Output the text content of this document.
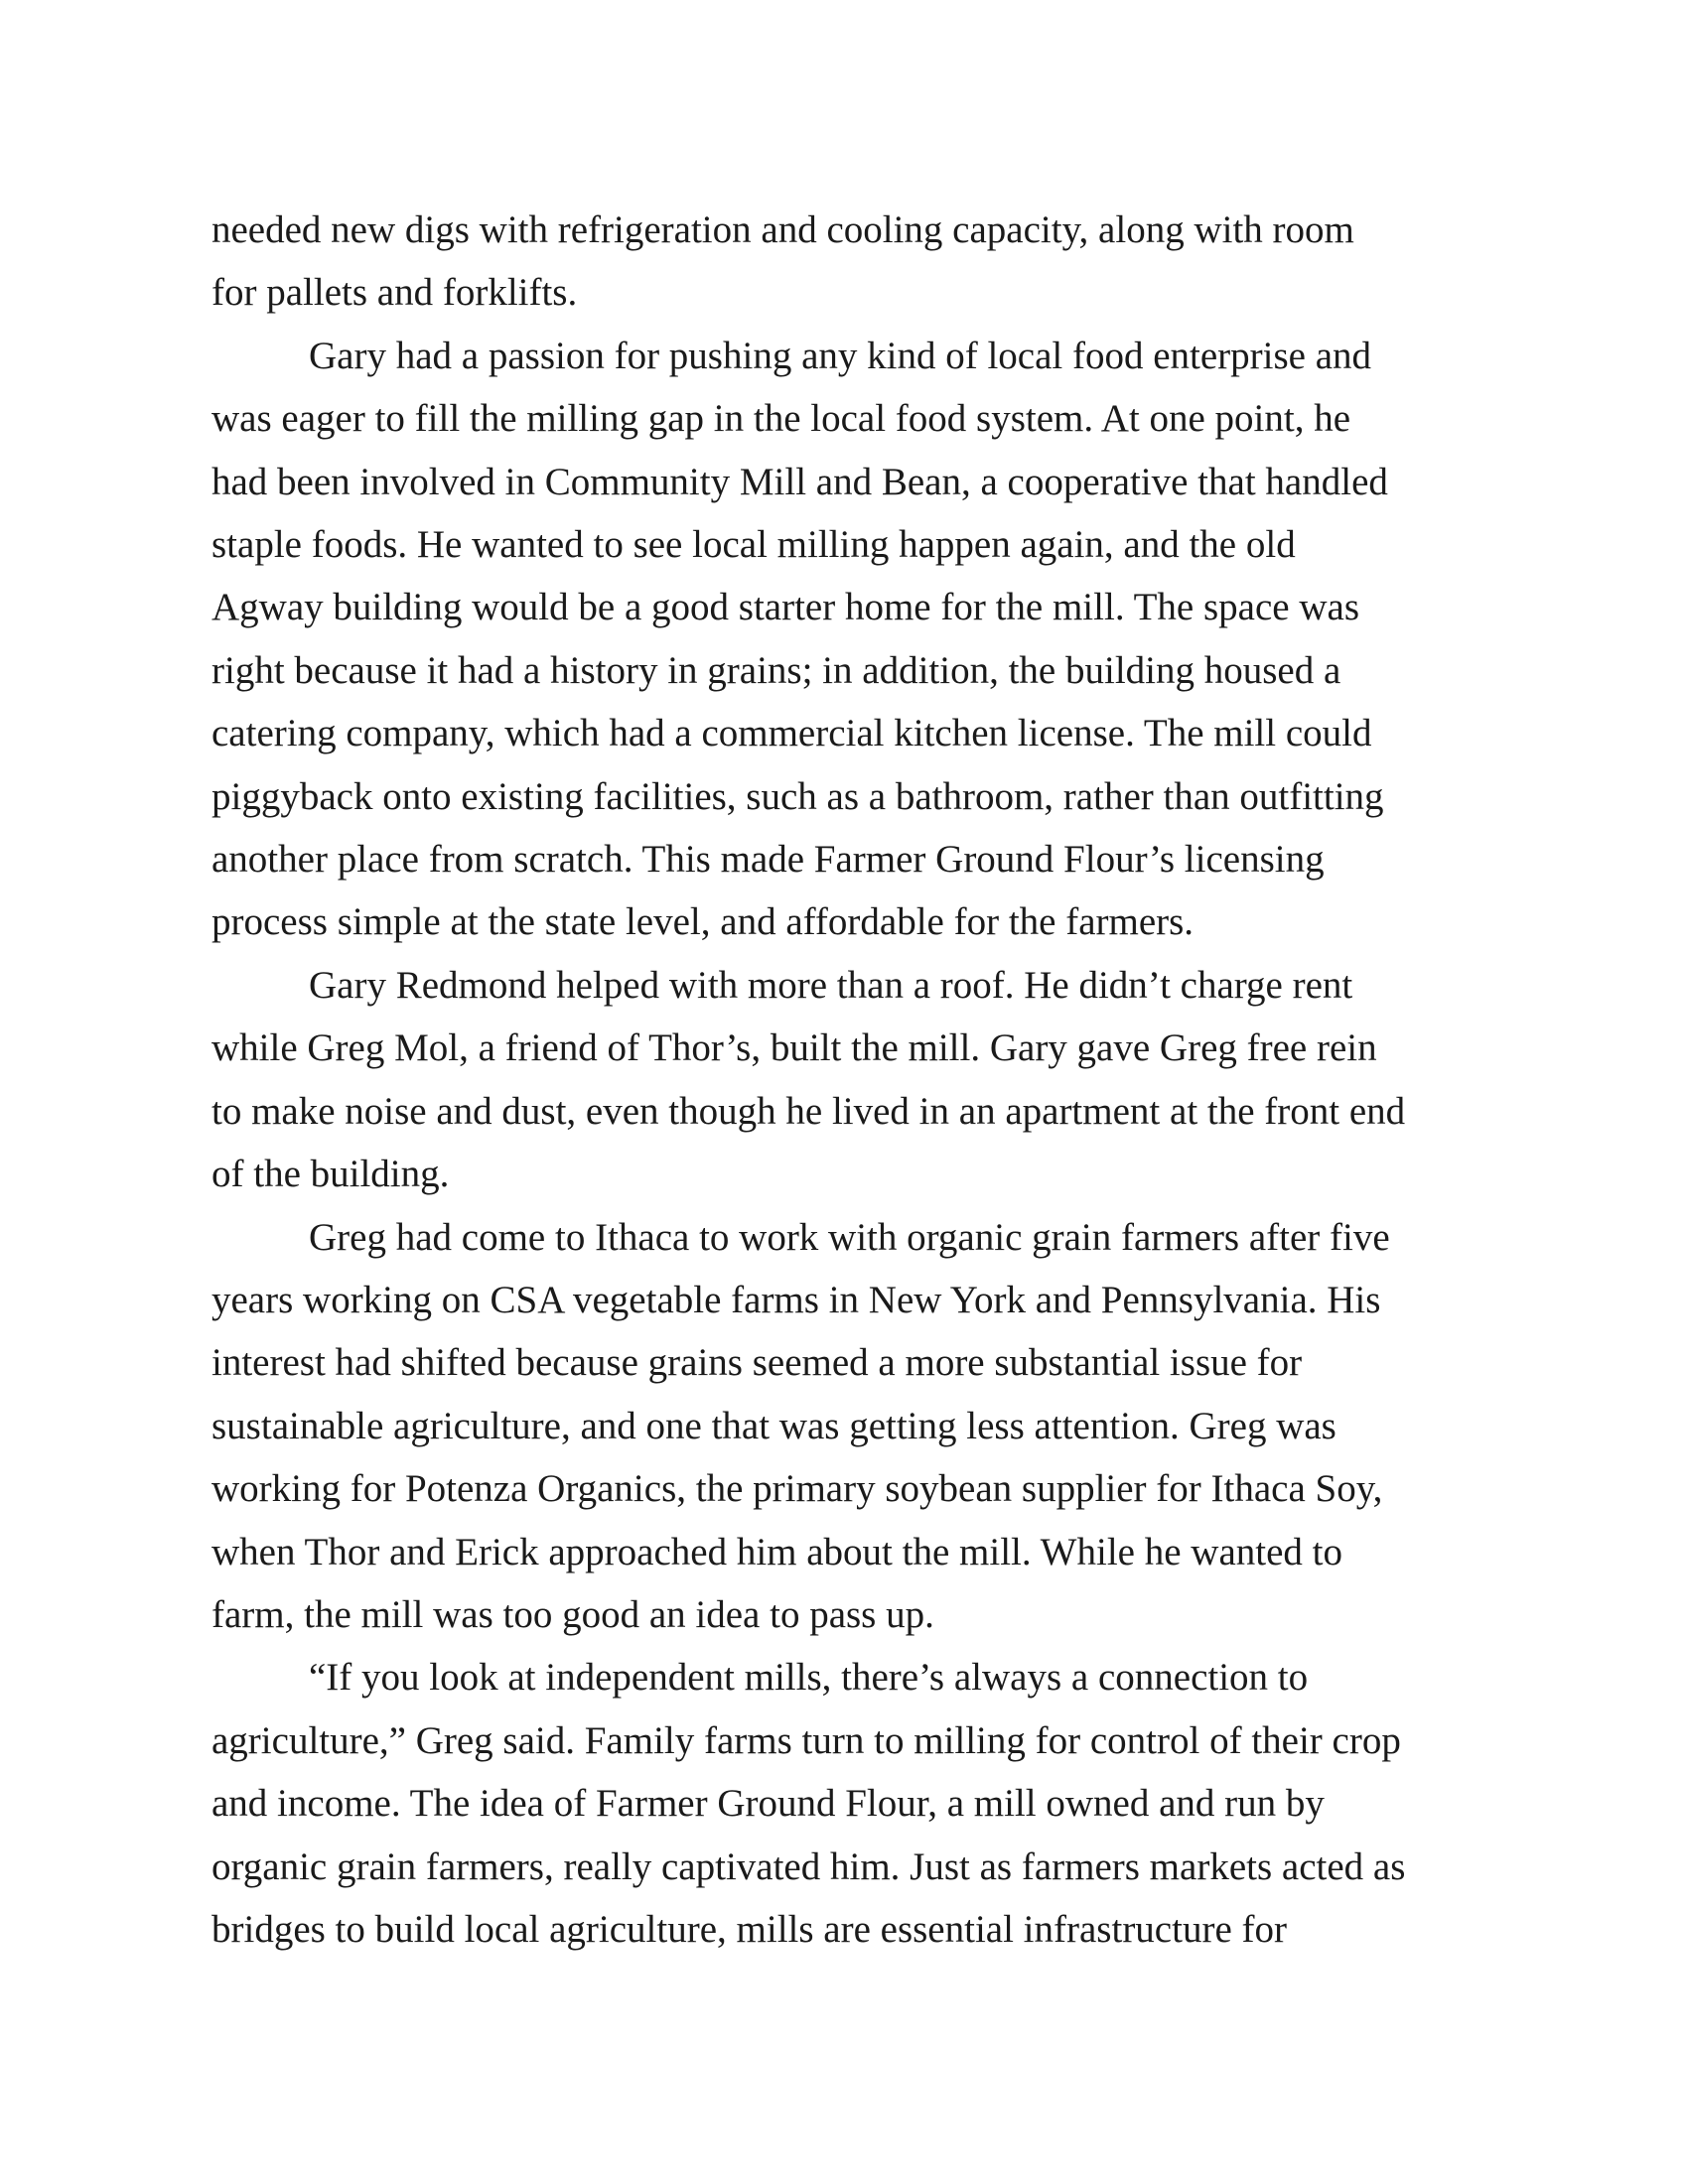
needed new digs with refrigeration and cooling capacity, along with room
for pallets and forklifts.

Gary had a passion for pushing any kind of local food enterprise and
was eager to fill the milling gap in the local food system. At one point, he
had been involved in Community Mill and Bean, a cooperative that handled
staple foods. He wanted to see local milling happen again, and the old
Agway building would be a good starter home for the mill. The space was
right because it had a history in grains; in addition, the building housed a
catering company, which had a commercial kitchen license. The mill could
piggyback onto existing facilities, such as a bathroom, rather than outfitting
another place from scratch. This made Farmer Ground Flour’s licensing
process simple at the state level, and affordable for the farmers.

Gary Redmond helped with more than a roof. He didn’t charge rent
while Greg Mol, a friend of Thor’s, built the mill. Gary gave Greg free rein
to make noise and dust, even though he lived in an apartment at the front end
of the building.

Greg had come to Ithaca to work with organic grain farmers after five
years working on CSA vegetable farms in New York and Pennsylvania. His
interest had shifted because grains seemed a more substantial issue for
sustainable agriculture, and one that was getting less attention. Greg was
working for Potenza Organics, the primary soybean supplier for Ithaca Soy,
when Thor and Erick approached him about the mill. While he wanted to
farm, the mill was too good an idea to pass up.

“If you look at independent mills, there’s always a connection to
agriculture,” Greg said. Family farms turn to milling for control of their crop
and income. The idea of Farmer Ground Flour, a mill owned and run by
organic grain farmers, really captivated him. Just as farmers markets acted as
bridges to build local agriculture, mills are essential infrastructure for
